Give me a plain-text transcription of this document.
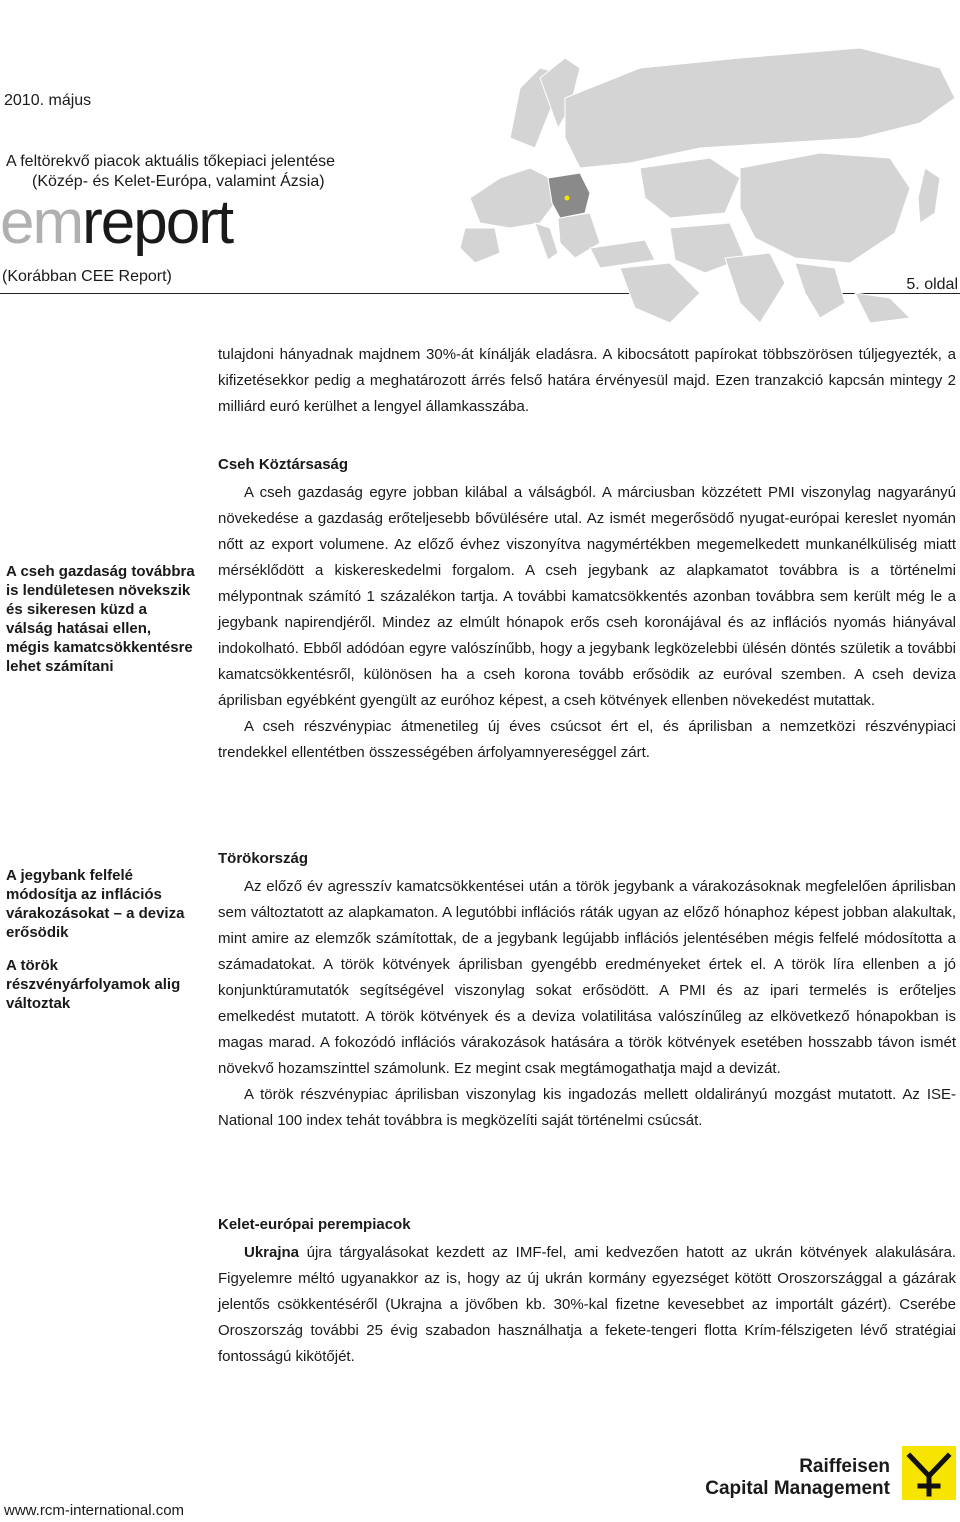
2010. május
A feltörekvő piacok aktuális tőkepiaci jelentése
(Közép- és Kelet-Európa, valamint Ázsia)
emreport
(Korábban CEE Report)	5. oldal

tulajdoni hányadnak majdnem 30%-át kínálják eladásra. A kibocsátott papírokat többszörösen túljegyezték, a kifizetésekkor pedig a meghatározott árrés felső határa érvényesül majd. Ezen tranzakció kapcsán mintegy 2 milliárd euró kerülhet a lengyel államkasszába.

A cseh gazdaság továbbra is lendületesen növekszik és sikeresen küzd a válság hatásai ellen, mégis kamatcsökkentésre lehet számítani

A jegybank felfelé módosítja az inflációs várakozásokat – a deviza erősödik

A török részvényárfolyamok alig változtak

Cseh Köztársaság

A cseh gazdaság egyre jobban kilábal a válságból. A márciusban közzétett PMI viszonylag nagyarányú növekedése a gazdaság erőteljesebb bővülésére utal. Az ismét megerősödő nyugat-európai kereslet nyomán nőtt az export volumene. Az előző évhez viszonyítva nagymértékben megemelkedett munkanélküliség miatt mérséklődött a kiskereskedelmi forgalom. A cseh jegybank az alapkamatot továbbra is a történelmi mélypontnak számító 1 százalékon tartja. A további kamatcsökkentés azonban továbbra sem került még le a jegybank napirendjéről. Mindez az elmúlt hónapok erős cseh koronájával és az inflációs nyomás hiányával indokolható. Ebből adódóan egyre valószínűbb, hogy a jegybank legközelebbi ülésén döntés születik a további kamatcsökkentésről, különösen ha a cseh korona tovább erősödik az euróval szemben. A cseh deviza áprilisban egyébként gyengült az euróhoz képest, a cseh kötvények ellenben növekedést mutattak.

A cseh részvénypiac átmenetileg új éves csúcsot ért el, és áprilisban a nemzetközi részvénypiaci trendekkel ellentétben összességében árfolyamnyereséggel zárt.

Törökország

Az előző év agresszív kamatcsökkentései után a török jegybank a várakozásoknak megfelelően áprilisban sem változtatott az alapkamaton. A legutóbbi inflációs ráták ugyan az előző hónaphoz képest jobban alakultak, mint amire az elemzők számítottak, de a jegybank legújabb inflációs jelentésében mégis felfelé módosította a számadatokat. A török kötvények áprilisban gyengébb eredményeket értek el. A török líra ellenben a jó konjunktúramutatók segítségével viszonylag sokat erősödött. A PMI és az ipari termelés is erőteljes emelkedést mutatott. A török kötvények és a deviza volatilitása valószínűleg az elkövetkező hónapokban is magas marad. A fokozódó inflációs várakozások hatására a török kötvények esetében hosszabb távon ismét növekvő hozamszinttel számolunk. Ez megint csak megtámogathatja majd a devizát.

A török részvénypiac áprilisban viszonylag kis ingadozás mellett oldalirányú mozgást mutatott. Az ISE-National 100 index tehát továbbra is megközelíti saját történelmi csúcsát.

Kelet-európai perempiacok

Ukrajna újra tárgyalásokat kezdett az IMF-fel, ami kedvezően hatott az ukrán kötvények alakulására. Figyelemre méltó ugyanakkor az is, hogy az új ukrán kormány egyezséget kötött Oroszországgal a gázárak jelentős csökkentéséről (Ukrajna a jövőben kb. 30%-kal fizetne kevesebbet az importált gázért). Cserébe Oroszország további 25 évig szabadon használhatja a fekete-tengeri flotta Krím-félszigeten lévő stratégiai fontosságú kikötőjét.

www.rcm-international.com
Raiffeisen
Capital Management
